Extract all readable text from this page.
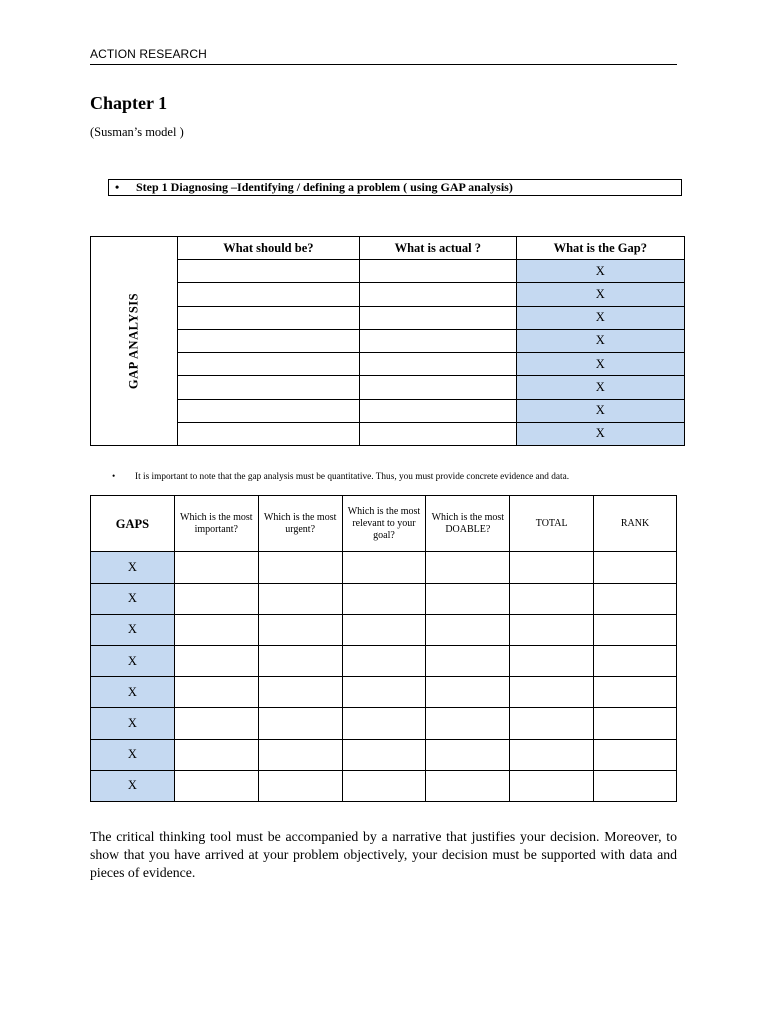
ACTION RESEARCH
Chapter 1
(Susman’s model )
• Step 1 Diagnosing –Identifying / defining a problem ( using GAP analysis)
GAP ANALYSIS	What should be?	What is actual ?	What is the Gap?
			X
			X
			X
			X
			X
			X
			X
			X
• It is important to note that the gap analysis must be quantitative. Thus, you must provide concrete evidence and data.
GAPS	Which is the most important?	Which is the most urgent?	Which is the most relevant to your goal?	Which is the most DOABLE?	TOTAL	RANK
X						
X						
X						
X						
X						
X						
X						
X						
The critical thinking tool must be accompanied by a narrative that justifies your decision. Moreover, to show that you have arrived at your problem objectively, your decision must be supported with data and pieces of evidence.
